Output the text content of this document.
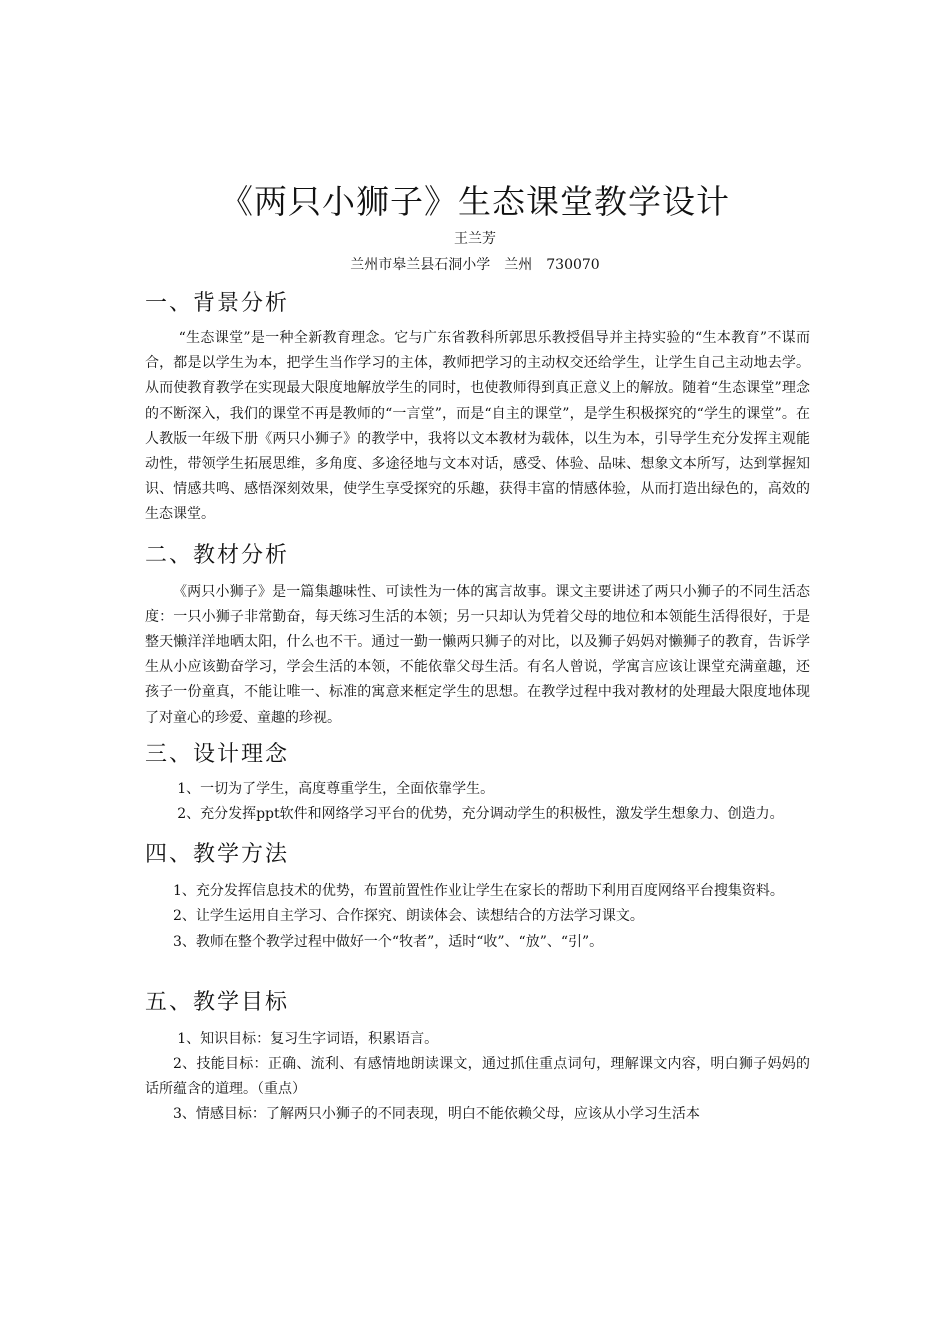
《两只小狮子》生态课堂教学设计
王兰芳
兰州市皋兰县石洞小学　兰州　730070
一、背景分析

“生态课堂”是一种全新教育理念。它与广东省教科所郭思乐教授倡导并主持实验的“生本教育”不谋而合，都是以学生为本，把学生当作学习的主体，教师把学习的主动权交还给学生，让学生自己主动地去学。从而使教育教学在实现最大限度地解放学生的同时，也使教师得到真正意义上的解放。随着“生态课堂”理念的不断深入，我们的课堂不再是教师的“一言堂”，而是“自主的课堂”，是学生积极探究的“学生的课堂”。在人教版一年级下册《两只小狮子》的教学中，我将以文本教材为载体，以生为本，引导学生充分发挥主观能动性，带领学生拓展思维，多角度、多途径地与文本对话，感受、体验、品味、想象文本所写，达到掌握知识、情感共鸣、感悟深刻效果，使学生享受探究的乐趣，获得丰富的情感体验，从而打造出绿色的，高效的生态课堂。

二、教材分析

《两只小狮子》是一篇集趣味性、可读性为一体的寓言故事。课文主要讲述了两只小狮子的不同生活态度：一只小狮子非常勤奋，每天练习生活的本领；另一只却认为凭着父母的地位和本领能生活得很好，于是整天懒洋洋地晒太阳，什么也不干。通过一勤一懒两只狮子的对比，以及狮子妈妈对懒狮子的教育，告诉学生从小应该勤奋学习，学会生活的本领，不能依靠父母生活。有名人曾说，学寓言应该让课堂充满童趣，还孩子一份童真，不能让唯一、标准的寓意来框定学生的思想。在教学过程中我对教材的处理最大限度地体现了对童心的珍爱、童趣的珍视。

三、设计理念

1、一切为了学生，高度尊重学生，全面依靠学生。

2、充分发挥ppt软件和网络学习平台的优势，充分调动学生的积极性，激发学生想象力、创造力。

四、教学方法

1、充分发挥信息技术的优势，布置前置性作业让学生在家长的帮助下利用百度网络平台搜集资料。

2、让学生运用自主学习、合作探究、朗读体会、读想结合的方法学习课文。

3、教师在整个教学过程中做好一个“牧者”，适时“收”、“放”、“引”。

五、教学目标

1、知识目标：复习生字词语，积累语言。

2、技能目标：正确、流利、有感情地朗读课文，通过抓住重点词句，理解课文内容，明白狮子妈妈的话所蕴含的道理。（重点）

3、情感目标：了解两只小狮子的不同表现，明白不能依赖父母，应该从小学习生活本
